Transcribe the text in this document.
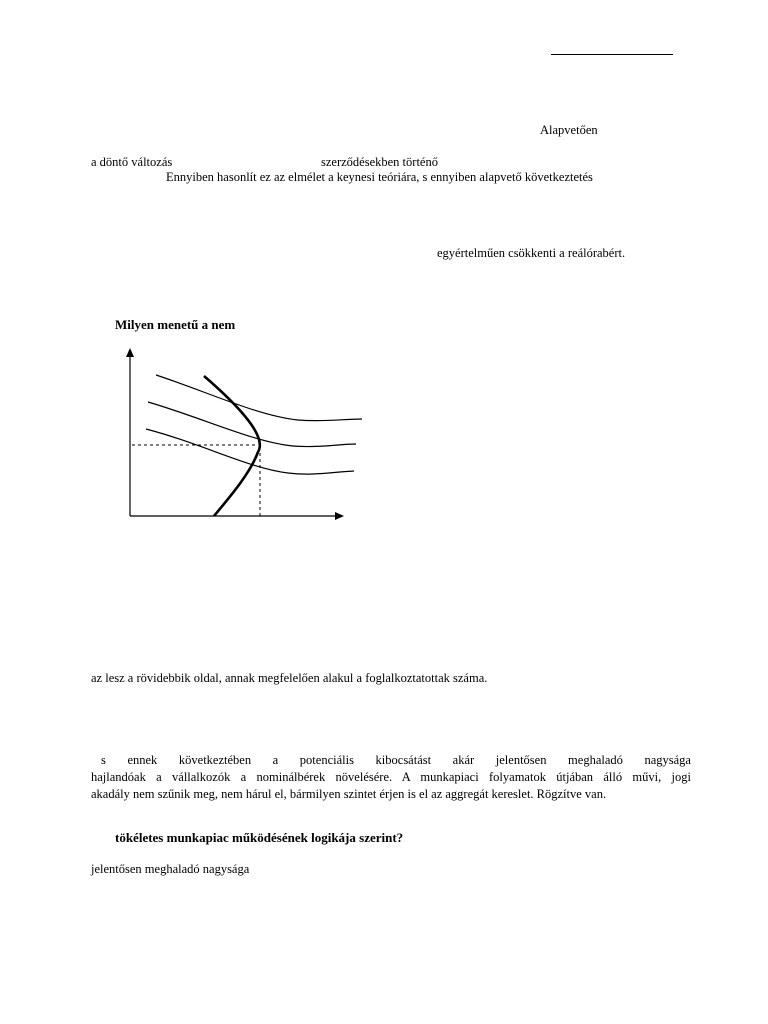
Alapvetően
a döntő változás	szerződésekben történő
Ennyiben hasonlít ez az elmélet a keynesi teóriára, s ennyiben alapvető következtetés
egyértelműen csökkenti a reálórabért.
Milyen menetű a nem
az lesz a rövidebbik oldal, annak megfelelően alakul a foglalkoztatottak száma.
s ennek következtében a potenciális kibocsátást akár jelentősen meghaladó nagysága
hajlandóak a vállalkozók a nominálbérek növelésére. A munkapiaci folyamatok útjában álló művi, jogi
akadály nem szűnik meg, nem hárul el, bármilyen szintet érjen is el az aggregát kereslet. Rögzítve van.
tökéletes munkapiac működésének logikája szerint?
jelentősen meghaladó nagysága
